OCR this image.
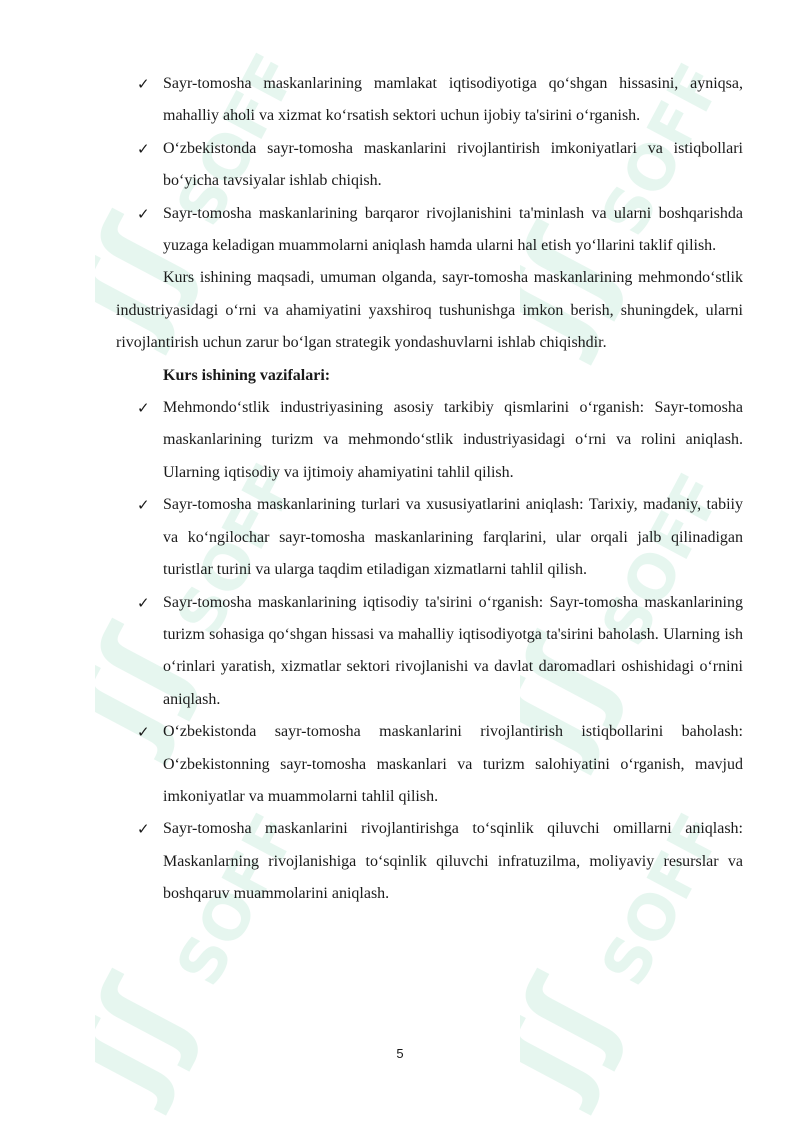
ʃʃ
SOFF
ʃʃ
SOFF
ʃʃ
SOFF
ʃʃ
SOFF
ʃʃ
SOFF
ʃʃ
SOFF
✓ Sayr-tomosha maskanlarining mamlakat iqtisodiyotiga qo‘shgan hissasini, ayniqsa, mahalliy aholi va xizmat ko‘rsatish sektori uchun ijobiy ta'sirini o‘rganish.
✓ O‘zbekistonda sayr-tomosha maskanlarini rivojlantirish imkoniyatlari va istiqbollari bo‘yicha tavsiyalar ishlab chiqish.
✓ Sayr-tomosha maskanlarining barqaror rivojlanishini ta'minlash va ularni boshqarishda yuzaga keladigan muammolarni aniqlash hamda ularni hal etish yo‘llarini taklif qilish.

Kurs ishining maqsadi, umuman olganda, sayr-tomosha maskanlarining mehmondo‘stlik industriyasidagi o‘rni va ahamiyatini yaxshiroq tushunishga imkon berish, shuningdek, ularni rivojlantirish uchun zarur bo‘lgan strategik yondashuvlarni ishlab chiqishdir.

Kurs ishining vazifalari:
✓ Mehmondo‘stlik industriyasining asosiy tarkibiy qismlarini o‘rganish: Sayr-tomosha maskanlarining turizm va mehmondo‘stlik industriyasidagi o‘rni va rolini aniqlash. Ularning iqtisodiy va ijtimoiy ahamiyatini tahlil qilish.
✓ Sayr-tomosha maskanlarining turlari va xususiyatlarini aniqlash: Tarixiy, madaniy, tabiiy va ko‘ngilochar sayr-tomosha maskanlarining farqlarini, ular orqali jalb qilinadigan turistlar turini va ularga taqdim etiladigan xizmatlarni tahlil qilish.
✓ Sayr-tomosha maskanlarining iqtisodiy ta'sirini o‘rganish: Sayr-tomosha maskanlarining turizm sohasiga qo‘shgan hissasi va mahalliy iqtisodiyotga ta'sirini baholash. Ularning ish o‘rinlari yaratish, xizmatlar sektori rivojlanishi va davlat daromadlari oshishidagi o‘rnini aniqlash.
✓ O‘zbekistonda sayr-tomosha maskanlarini rivojlantirish istiqbollarini baholash: O‘zbekistonning sayr-tomosha maskanlari va turizm salohiyatini o‘rganish, mavjud imkoniyatlar va muammolarni tahlil qilish.
✓ Sayr-tomosha maskanlarini rivojlantirishga to‘sqinlik qiluvchi omillarni aniqlash: Maskanlarning rivojlanishiga to‘sqinlik qiluvchi infratuzilma, moliyaviy resurslar va boshqaruv muammolarini aniqlash.
5
